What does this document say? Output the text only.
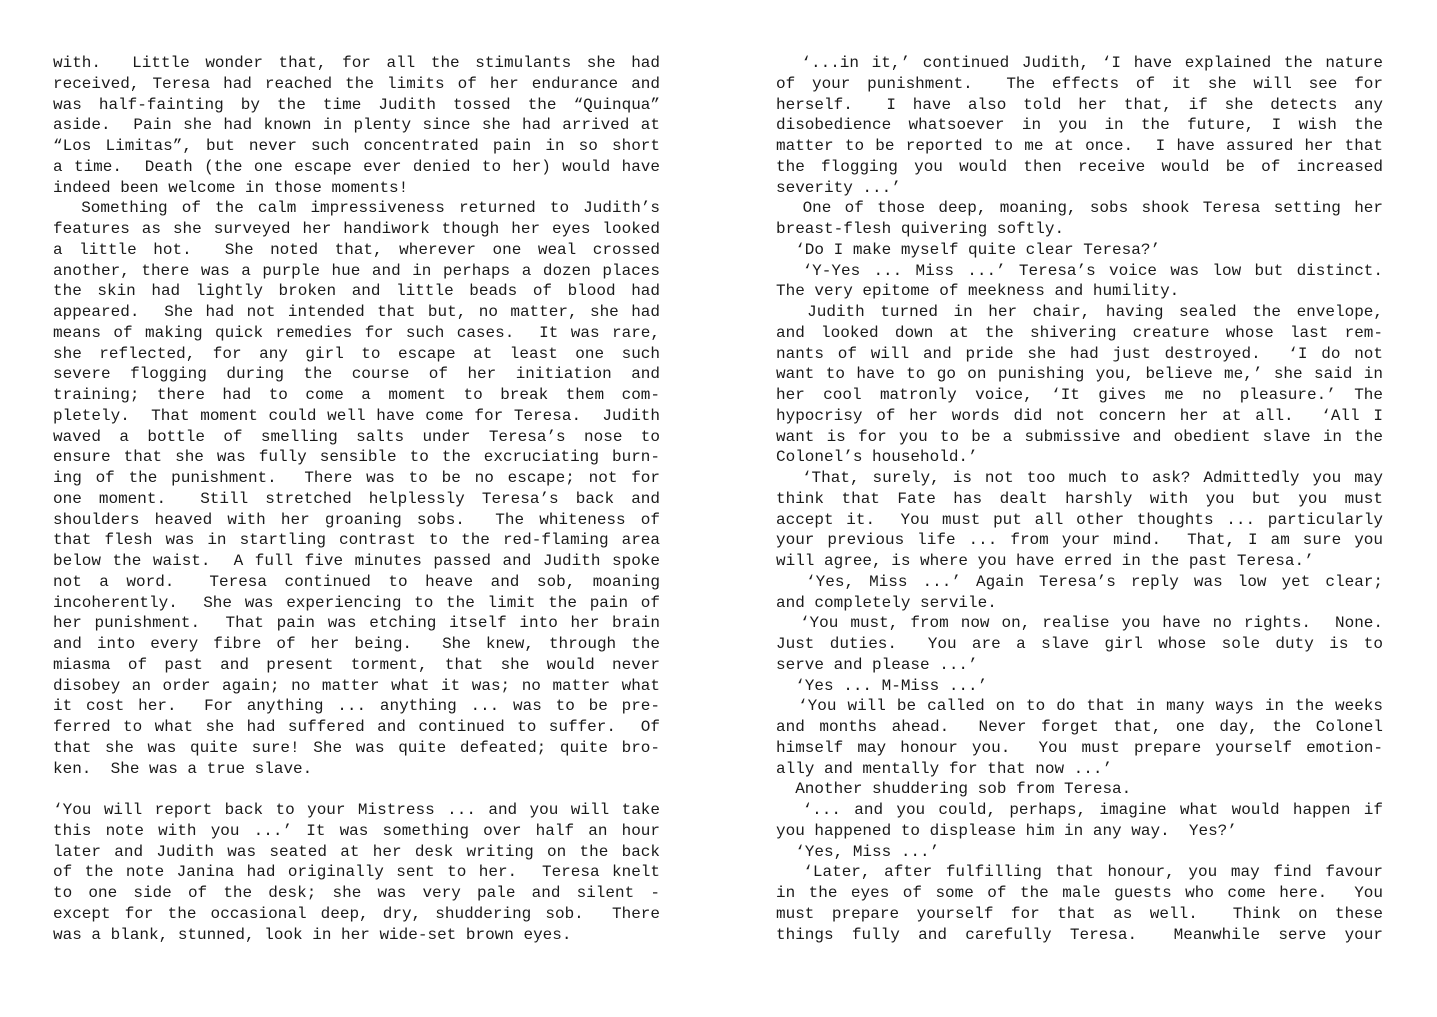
with.  Little wonder that, for all the stimulants she had
received, Teresa had reached the limits of her endurance and
was half-fainting by the time Judith tossed the “Quinqua”
aside.  Pain she had known in plenty since she had arrived at
“Los Limitas”, but never such concentrated pain in so short
a time.  Death (the one escape ever denied to her) would have
indeed been welcome in those moments!
Something of the calm impressiveness returned to Judith’s
features as she surveyed her handiwork though her eyes looked
a little hot.  She noted that, wherever one weal crossed
another, there was a purple hue and in perhaps a dozen places
the skin had lightly broken and little beads of blood had
appeared.  She had not intended that but, no matter, she had
means of making quick remedies for such cases.  It was rare,
she reflected, for any girl to escape at least one such
severe flogging during the course of her initiation and
training; there had to come a moment to break them com-
pletely.  That moment could well have come for Teresa.  Judith
waved a bottle of smelling salts under Teresa’s nose to
ensure that she was fully sensible to the excruciating burn-
ing of the punishment.  There was to be no escape; not for
one moment.  Still stretched helplessly Teresa’s back and
shoulders heaved with her groaning sobs.  The whiteness of
that flesh was in startling contrast to the red-flaming area
below the waist.  A full five minutes passed and Judith spoke
not a word.  Teresa continued to heave and sob, moaning
incoherently.  She was experiencing to the limit the pain of
her punishment.  That pain was etching itself into her brain
and into every fibre of her being.  She knew, through the
miasma of past and present torment, that she would never
disobey an order again; no matter what it was; no matter what
it cost her.  For anything ... anything ... was to be pre-
ferred to what she had suffered and continued to suffer.  Of
that she was quite sure! She was quite defeated; quite bro-
ken.  She was a true slave.
‘You will report back to your Mistress ... and you will take
this note with you ...’ It was something over half an hour
later and Judith was seated at her desk writing on the back
of the note Janina had originally sent to her.  Teresa knelt
to one side of the desk; she was very pale and silent -
except for the occasional deep, dry, shuddering sob.  There
was a blank, stunned, look in her wide-set brown eyes.
‘...in it,’ continued Judith, ‘I have explained the nature
of your punishment.  The effects of it she will see for
herself.  I have also told her that, if she detects any
disobedience whatsoever in you in the future, I wish the
matter to be reported to me at once.  I have assured her that
the flogging you would then receive would be of increased
severity ...’
One of those deep, moaning, sobs shook Teresa setting her
breast-flesh quivering softly.
‘Do I make myself quite clear Teresa?’
‘Y-Yes ... Miss ...’ Teresa’s voice was low but distinct.
The very epitome of meekness and humility.
Judith turned in her chair, having sealed the envelope,
and looked down at the shivering creature whose last rem-
nants of will and pride she had just destroyed.  ‘I do not
want to have to go on punishing you, believe me,’ she said in
her cool matronly voice, ‘It gives me no pleasure.’ The
hypocrisy of her words did not concern her at all.  ‘All I
want is for you to be a submissive and obedient slave in the
Colonel’s household.’
‘That, surely, is not too much to ask? Admittedly you may
think that Fate has dealt harshly with you but you must
accept it.  You must put all other thoughts ... particularly
your previous life ... from your mind.  That, I am sure you
will agree, is where you have erred in the past Teresa.’
‘Yes, Miss ...’ Again Teresa’s reply was low yet clear;
and completely servile.
‘You must, from now on, realise you have no rights.  None.
Just duties.  You are a slave girl whose sole duty is to
serve and please ...’
‘Yes ... M-Miss ...’
‘You will be called on to do that in many ways in the weeks
and months ahead.  Never forget that, one day, the Colonel
himself may honour you.  You must prepare yourself emotion-
ally and mentally for that now ...’
Another shuddering sob from Teresa.
‘... and you could, perhaps, imagine what would happen if
you happened to displease him in any way.  Yes?’
‘Yes, Miss ...’
‘Later, after fulfilling that honour, you may find favour
in the eyes of some of the male guests who come here.  You
must prepare yourself for that as well.  Think on these
things fully and carefully Teresa.  Meanwhile serve your
